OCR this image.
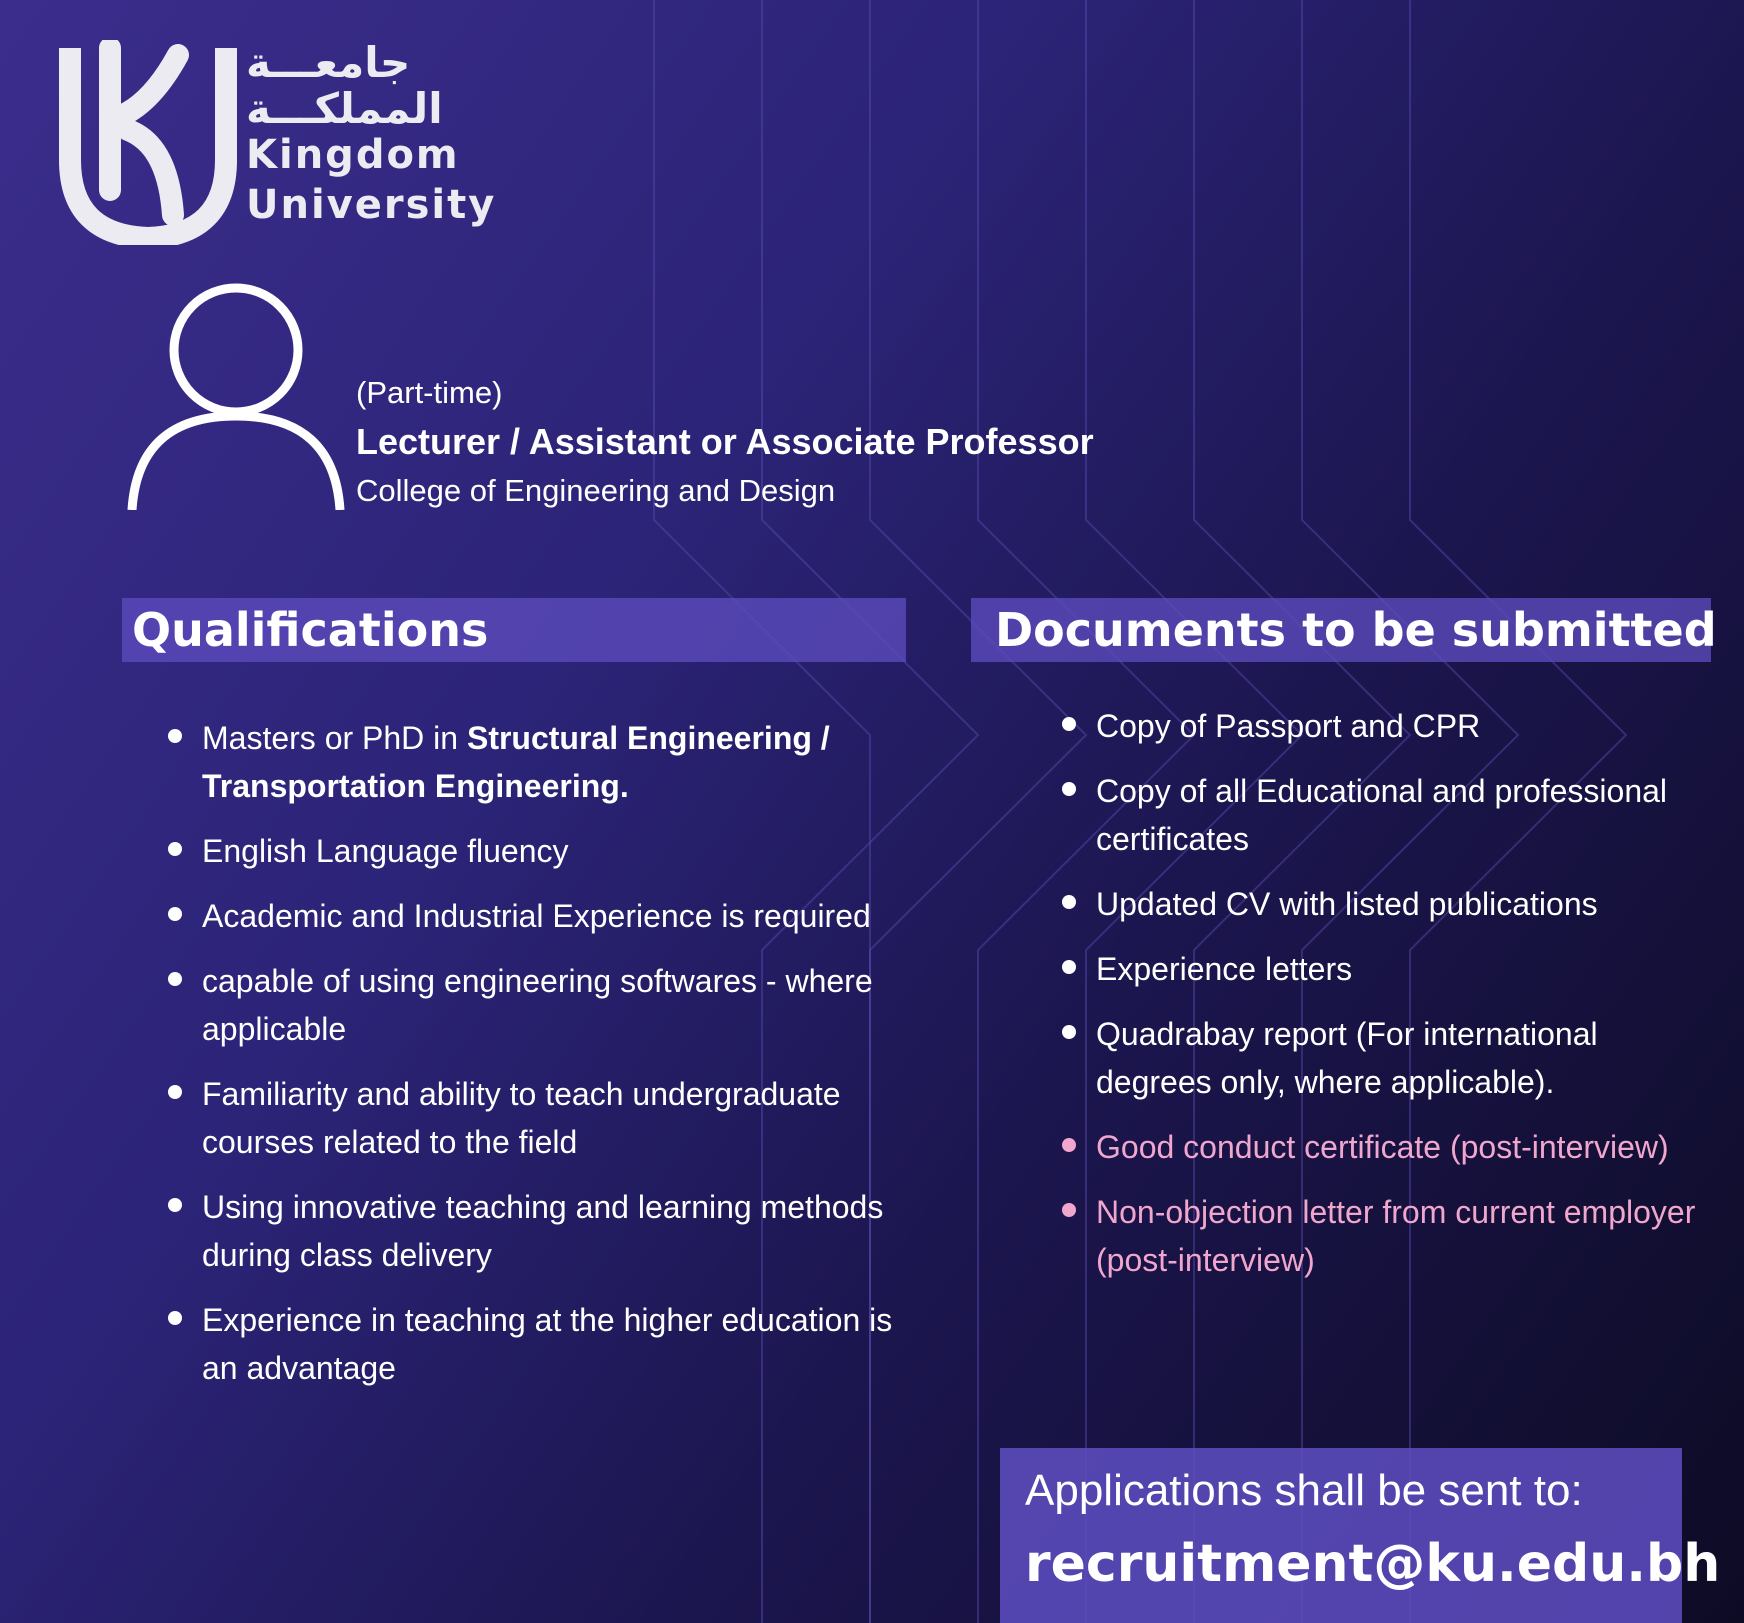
جامعـــة
المملكـــة
Kingdom
University
(Part-time)
Lecturer / Assistant or Associate Professor
College of Engineering and Design
Qualifications
Masters or PhD in Structural Engineering / Transportation Engineering.
English Language fluency
Academic and Industrial Experience is required
capable of using engineering softwares - where applicable
Familiarity and ability to teach undergraduate courses related to the field
Using innovative teaching and learning methods during class delivery
Experience in teaching at the higher education is an advantage
Documents to be submitted
Copy of Passport and CPR
Copy of all Educational and professional certificates
Updated CV with listed publications
Experience letters
Quadrabay report (For international degrees only, where applicable).
Good conduct certificate (post-interview)
Non-objection letter from current employer (post-interview)
Applications shall be sent to:
recruitment@ku.edu.bh
